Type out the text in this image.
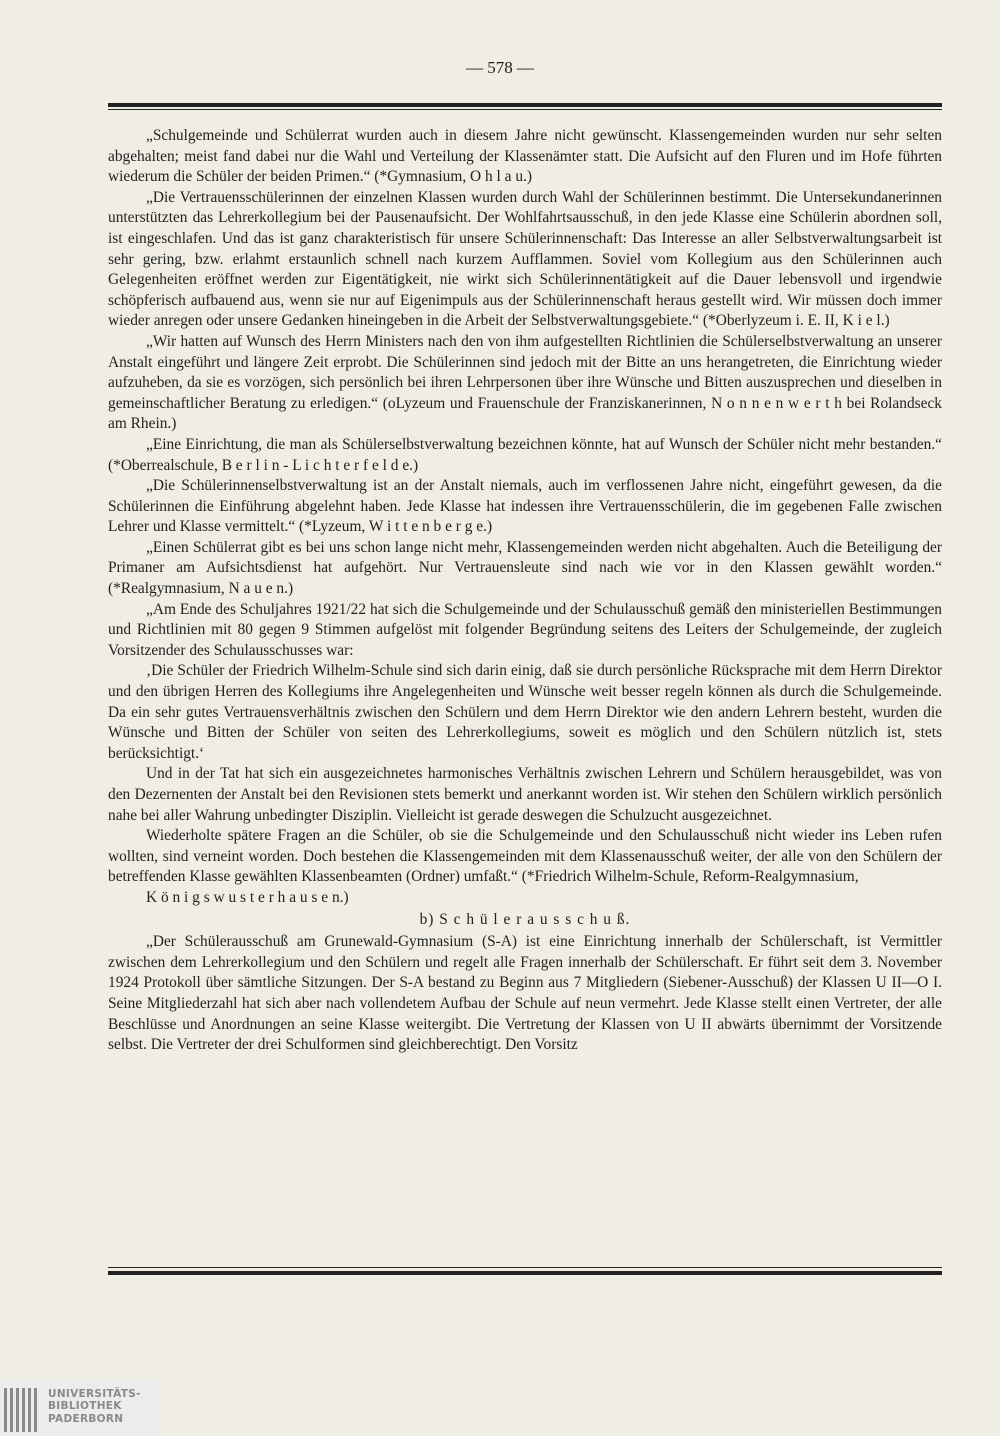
— 578 —

„Schulgemeinde und Schülerrat wurden auch in diesem Jahre nicht gewünscht. Klassengemeinden wurden nur sehr selten abgehalten; meist fand dabei nur die Wahl und Verteilung der Klassenämter statt. Die Aufsicht auf den Fluren und im Hofe führten wiederum die Schüler der beiden Primen.“ (*Gymnasium, O h l a u.)

„Die Vertrauensschülerinnen der einzelnen Klassen wurden durch Wahl der Schülerinnen bestimmt. Die Untersekundanerinnen unterstützten das Lehrerkollegium bei der Pausenaufsicht. Der Wohlfahrtsausschuß, in den jede Klasse eine Schülerin abordnen soll, ist eingeschlafen. Und das ist ganz charakteristisch für unsere Schülerinnenschaft: Das Interesse an aller Selbstverwaltungsarbeit ist sehr gering, bzw. erlahmt erstaunlich schnell nach kurzem Aufflammen. Soviel vom Kollegium aus den Schülerinnen auch Gelegenheiten eröffnet werden zur Eigentätigkeit, nie wirkt sich Schülerinnentätigkeit auf die Dauer lebensvoll und irgendwie schöpferisch aufbauend aus, wenn sie nur auf Eigenimpuls aus der Schülerinnenschaft heraus gestellt wird. Wir müssen doch immer wieder anregen oder unsere Gedanken hineingeben in die Arbeit der Selbstverwaltungsgebiete.“ (*Oberlyzeum i. E. II, K i e l.)

„Wir hatten auf Wunsch des Herrn Ministers nach den von ihm aufgestellten Richtlinien die Schülerselbstverwaltung an unserer Anstalt eingeführt und längere Zeit erprobt. Die Schülerinnen sind jedoch mit der Bitte an uns herangetreten, die Einrichtung wieder aufzuheben, da sie es vorzögen, sich persönlich bei ihren Lehrpersonen über ihre Wünsche und Bitten auszusprechen und dieselben in gemeinschaftlicher Beratung zu erledigen.“ (oLyzeum und Frauenschule der Franziskanerinnen, N o n n e n w e r t h bei Rolandseck am Rhein.)

„Eine Einrichtung, die man als Schülerselbstverwaltung bezeichnen könnte, hat auf Wunsch der Schüler nicht mehr bestanden.“ (*Oberrealschule, B e r l i n - L i c h t e r f e l d e.)

„Die Schülerinnenselbstverwaltung ist an der Anstalt niemals, auch im verflossenen Jahre nicht, eingeführt gewesen, da die Schülerinnen die Einführung abgelehnt haben. Jede Klasse hat indessen ihre Vertrauensschülerin, die im gegebenen Falle zwischen Lehrer und Klasse vermittelt.“ (*Lyzeum, W i t t e n b e r g e.)

„Einen Schülerrat gibt es bei uns schon lange nicht mehr, Klassengemeinden werden nicht abgehalten. Auch die Beteiligung der Primaner am Aufsichtsdienst hat aufgehört. Nur Vertrauensleute sind nach wie vor in den Klassen gewählt worden.“ (*Realgymnasium, N a u e n.)

„Am Ende des Schuljahres 1921/22 hat sich die Schulgemeinde und der Schulausschuß gemäß den ministeriellen Bestimmungen und Richtlinien mit 80 gegen 9 Stimmen aufgelöst mit folgender Begründung seitens des Leiters der Schulgemeinde, der zugleich Vorsitzender des Schulausschusses war:

‚Die Schüler der Friedrich Wilhelm-Schule sind sich darin einig, daß sie durch persönliche Rücksprache mit dem Herrn Direktor und den übrigen Herren des Kollegiums ihre Angelegenheiten und Wünsche weit besser regeln können als durch die Schulgemeinde. Da ein sehr gutes Vertrauensverhältnis zwischen den Schülern und dem Herrn Direktor wie den andern Lehrern besteht, wurden die Wünsche und Bitten der Schüler von seiten des Lehrerkollegiums, soweit es möglich und den Schülern nützlich ist, stets berücksichtigt.‘

Und in der Tat hat sich ein ausgezeichnetes harmonisches Verhältnis zwischen Lehrern und Schülern herausgebildet, was von den Dezernenten der Anstalt bei den Revisionen stets bemerkt und anerkannt worden ist. Wir stehen den Schülern wirklich persönlich nahe bei aller Wahrung unbedingter Disziplin. Vielleicht ist gerade deswegen die Schulzucht ausgezeichnet.

Wiederholte spätere Fragen an die Schüler, ob sie die Schulgemeinde und den Schulausschuß nicht wieder ins Leben rufen wollten, sind verneint worden. Doch bestehen die Klassengemeinden mit dem Klassenausschuß weiter, der alle von den Schülern der betreffenden Klasse gewählten Klassenbeamten (Ordner) umfaßt.“ (*Friedrich Wilhelm-Schule, Reform-Realgymnasium,

K ö n i g s w u s t e r h a u s e n.)

b) S c h ü l e r a u s s c h u ß.

„Der Schülerausschuß am Grunewald-Gymnasium (S-A) ist eine Einrichtung innerhalb der Schülerschaft, ist Vermittler zwischen dem Lehrerkollegium und den Schülern und regelt alle Fragen innerhalb der Schülerschaft. Er führt seit dem 3. November 1924 Protokoll über sämtliche Sitzungen. Der S-A bestand zu Beginn aus 7 Mitgliedern (Siebener-Ausschuß) der Klassen U II—O I. Seine Mitgliederzahl hat sich aber nach vollendetem Aufbau der Schule auf neun vermehrt. Jede Klasse stellt einen Vertreter, der alle Beschlüsse und Anordnungen an seine Klasse weitergibt. Die Vertretung der Klassen von U II abwärts übernimmt der Vorsitzende selbst. Die Vertreter der drei Schulformen sind gleichberechtigt. Den Vorsitz

UNIVERSITÄTS-
BIBLIOTHEK
PADERBORN
